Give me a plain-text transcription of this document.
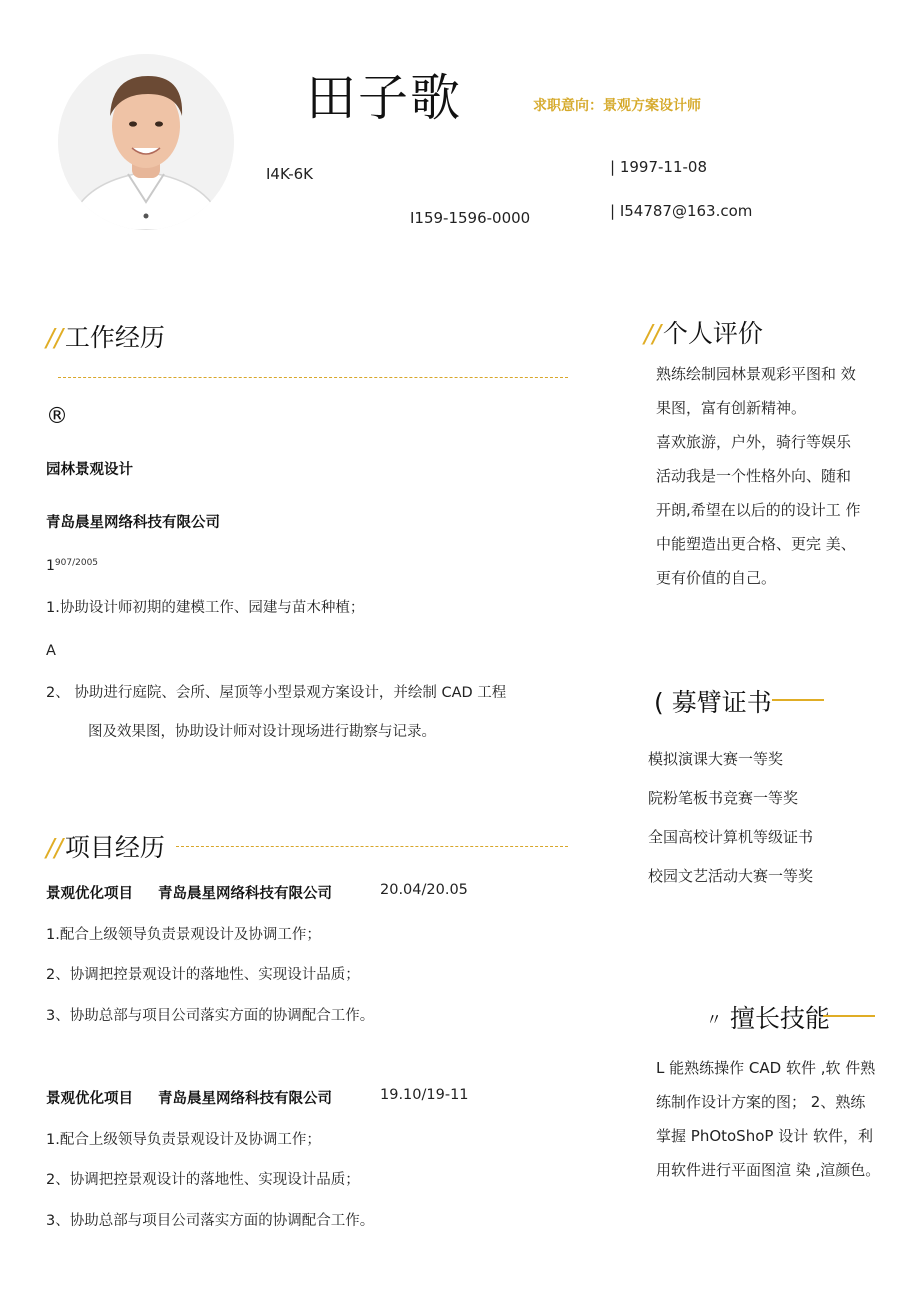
田子歌	求职意向：景观方案设计师
I4K-6K	| 1997-11-08
I159-1596-0000	| I54787@163.com
//工作经历
®
园林景观设计
青岛晨星网络科技有限公司
$1^{907/2005}$
1.协助设计师初期的建模工作、园建与苗木种植；
A
2、 协助进行庭院、会所、屋顶等小型景观方案设计，并绘制 CAD 工程
图及效果图，协助设计师对设计现场进行勘察与记录。
//项目经历
景观优化项目 青岛晨星网络科技有限公司	20.04/20.05
1.配合上级领导负责景观设计及协调工作；
2、协调把控景观设计的落地性、实现设计品质；
3、协助总部与项目公司落实方面的协调配合工作。
景观优化项目 青岛晨星网络科技有限公司	19.10/19-11
1.配合上级领导负责景观设计及协调工作；
2、协调把控景观设计的落地性、实现设计品质；
3、协助总部与项目公司落实方面的协调配合工作。
//个人评价
熟练绘制园林景观彩平图和 效
果图，富有创新精神。
喜欢旅游，户外，骑行等娱乐
活动我是一个性格外向、随和
开朗,希望在以后的的设计工 作
中能塑造出更合格、更完 美、
更有价值的自己。
( 募臂证书
模拟演课大赛一等奖
院粉笔板书竞赛一等奖
全国高校计算机等级证书
校园文艺活动大赛一等奖
〃 擅长技能
L 能熟练操作 CAD 软件 ,软 件熟
练制作设计方案的图； 2、熟练
掌握 PhOtoShoP 设计 软件，利
用软件进行平面图渲 染 ,渲颜色。
